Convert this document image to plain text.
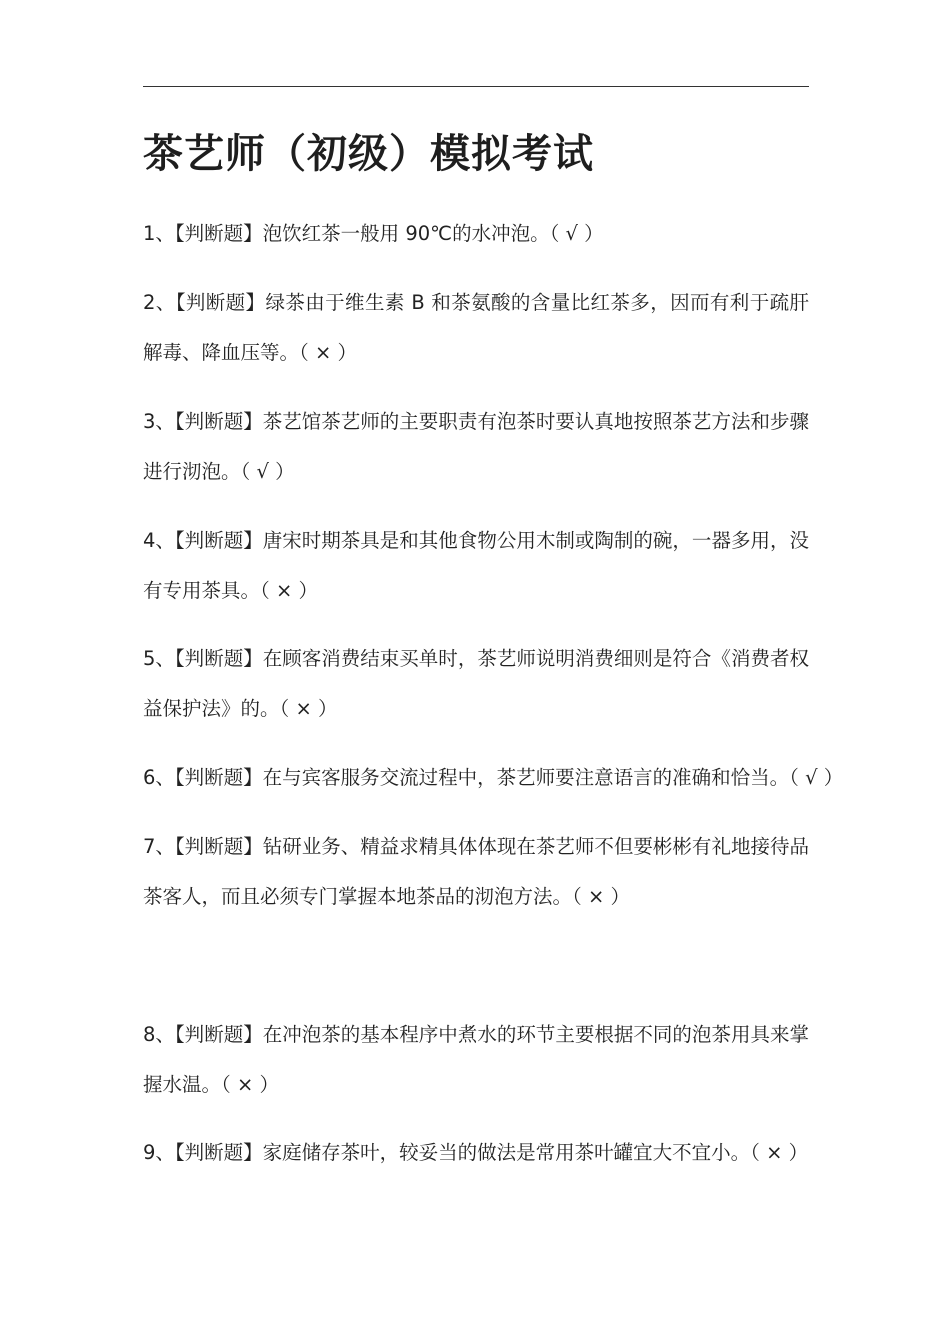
茶艺师（初级）模拟考试

1、【判断题】泡饮红茶一般用 90℃的水冲泡。（ √ ）

2、【判断题】绿茶由于维生素 B 和茶氨酸的含量比红茶多，因而有利于疏肝解毒、降血压等。（ × ）

3、【判断题】茶艺馆茶艺师的主要职责有泡茶时要认真地按照茶艺方法和步骤进行沏泡。（ √ ）

4、【判断题】唐宋时期茶具是和其他食物公用木制或陶制的碗，一器多用，没有专用茶具。（ × ）

5、【判断题】在顾客消费结束买单时，茶艺师说明消费细则是符合《消费者权益保护法》的。（ × ）

6、【判断题】在与宾客服务交流过程中，茶艺师要注意语言的准确和恰当。（ √ ）

7、【判断题】钻研业务、精益求精具体体现在茶艺师不但要彬彬有礼地接待品茶客人，而且必须专门掌握本地茶品的沏泡方法。（ × ）

8、【判断题】在冲泡茶的基本程序中煮水的环节主要根据不同的泡茶用具来掌握水温。（ × ）

9、【判断题】家庭储存茶叶，较妥当的做法是常用茶叶罐宜大不宜小。（ × ）
